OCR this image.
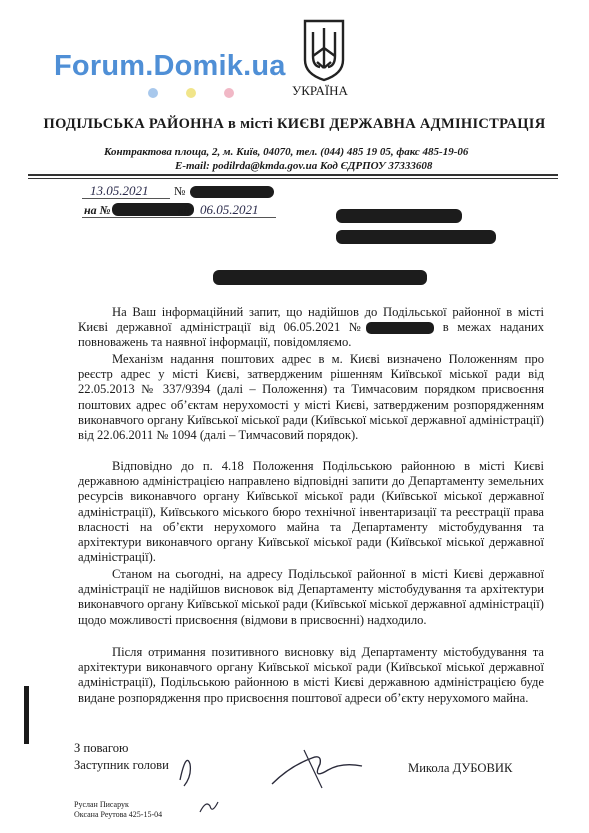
Forum.Domik.ua
УКРАЇНА
ПОДІЛЬСЬКА РАЙОННА в місті КИЄВІ ДЕРЖАВНА АДМІНІСТРАЦІЯ
Контрактова площа, 2, м. Київ, 04070, тел. (044) 485 19 05, факс 485-19-06
E-mail: podilrda@kmda.gov.ua Код ЄДРПОУ 37333608
13.05.2021 №
на №	від 06.05.2021
На Ваш інформаційний запит, що надійшов до Подільської районної в місті Києві державної адміністрації від 06.05.2021 №	в межах наданих повноважень та наявної інформації, повідомляємо.
Механізм надання поштових адрес в м. Києві визначено Положенням про реєстр адрес у місті Києві, затвердженим рішенням Київської міської ради від 22.05.2013 № 337/9394 (далі – Положення) та Тимчасовим порядком присвоєння поштових адрес об’єктам нерухомості у місті Києві, затвердженим розпорядженням виконавчого органу Київської міської ради (Київської міської державної адміністрації) від 22.06.2011 № 1094 (далі – Тимчасовий порядок).
Відповідно до п. 4.18 Положення Подільською районною в місті Києві державною адміністрацією направлено відповідні запити до Департаменту земельних ресурсів виконавчого органу Київської міської ради (Київської міської державної адміністрації), Київського міського бюро технічної інвентаризації та реєстрації права власності на об’єкти нерухомого майна та Департаменту містобудування та архітектури виконавчого органу Київської міської ради (Київської міської державної адміністрації).
Станом на сьогодні, на адресу Подільської районної в місті Києві державної адміністрації не надійшов висновок від Департаменту містобудування та архітектури виконавчого органу Київської міської ради (Київської міської державної адміністрації) щодо можливості присвоєння (відмови в присвоєнні) надходило.
Після отримання позитивного висновку від Департаменту містобудування та архітектури виконавчого органу Київської міської ради (Київської міської державної адміністрації), Подільською районною в місті Києві державною адміністрацією буде видане розпорядження про присвоєння поштової адреси об’єкту нерухомого майна.
З повагою
Заступник голови	Микола ДУБОВИК
Руслан Писарук
Оксана Реутова 425-15-04
